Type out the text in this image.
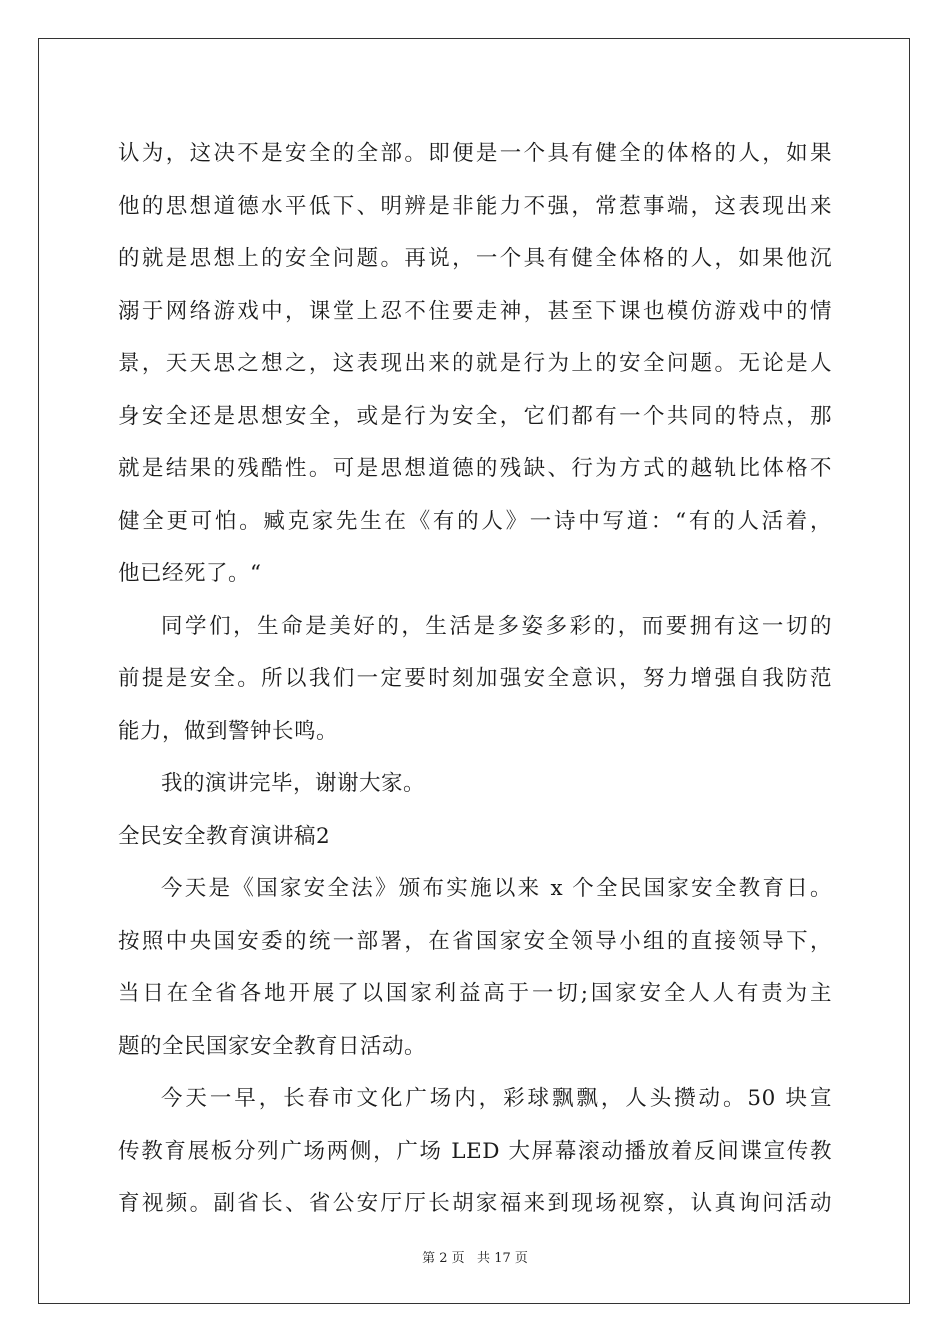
认为，这决不是安全的全部。即便是一个具有健全的体格的人，如果
他的思想道德水平低下、明辨是非能力不强，常惹事端，这表现出来
的就是思想上的安全问题。再说，一个具有健全体格的人，如果他沉
溺于网络游戏中，课堂上忍不住要走神，甚至下课也模仿游戏中的情
景，天天思之想之，这表现出来的就是行为上的安全问题。无论是人
身安全还是思想安全，或是行为安全，它们都有一个共同的特点，那
就是结果的残酷性。可是思想道德的残缺、行为方式的越轨比体格不
健全更可怕。臧克家先生在《有的人》一诗中写道：“有的人活着，
他已经死了。“
同学们，生命是美好的，生活是多姿多彩的，而要拥有这一切的
前提是安全。所以我们一定要时刻加强安全意识，努力增强自我防范
能力，做到警钟长鸣。
我的演讲完毕，谢谢大家。
全民安全教育演讲稿2
今天是《国家安全法》颁布实施以来 x 个全民国家安全教育日。
按照中央国安委的统一部署，在省国家安全领导小组的直接领导下，
当日在全省各地开展了以国家利益高于一切;国家安全人人有责为主
题的全民国家安全教育日活动。
今天一早，长春市文化广场内，彩球飘飘，人头攒动。50 块宣
传教育展板分列广场两侧，广场 LED 大屏幕滚动播放着反间谍宣传教
育视频。副省长、省公安厅厅长胡家福来到现场视察，认真询问活动
第 2 页   共 17 页
